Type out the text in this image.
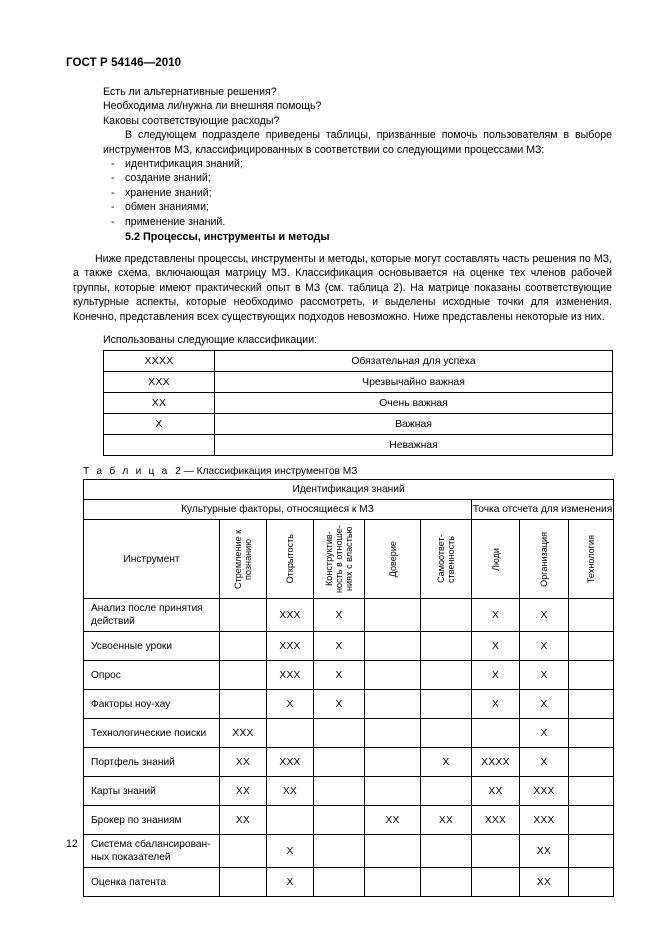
ГОСТ Р 54146—2010

Есть ли альтернативные решения?

Необходима ли/нужна ли внешняя помощь?

Каковы соответствующие расходы?

В следующем подразделе приведены таблицы, призванные помочь пользователям в выборе инструментов МЗ, классифицированных в соответствии со следующими процессами МЗ:

- идентификация знаний;
- создание знаний;
- хранение знаний;
- обмен знаниями;
- применение знаний.
5.2 Процессы, инструменты и методы

Ниже представлены процессы, инструменты и методы, которые могут составлять часть решения по МЗ, а также схема, включающая матрицу МЗ. Классификация основывается на оценке тех членов рабочей группы, которые имеют практический опыт в МЗ (см. таблица 2). На матрице показаны соответствующие культурные аспекты, которые необходимо рассмотреть, и выделены исходные точки для изменения. Конечно, представления всех существующих подходов невозможно. Ниже представлены некоторые из них.

Использованы следующие классификации:
XXXX	Обязательная для успеха
XXX	Чрезвычайно важная
XX	Очень важная
X	Важная
	Неважная
Т а б л и ц а 2 — Классификация инструментов МЗ
Идентификация знаний								
Культурные факторы, относящиеся к МЗ						Точка отсчета для изменения		
Инструмент	Стремление к познанию	Открытость	Конструктив- ность в отноше- ниях с властью	Доверие	Самоответ- ственность	Люди	Организация	Технология

Анализ после принятия действий		XXX	X			X	X	
Усвоенные уроки		XXX	X			X	X	
Опрос		XXX	X			X	X	
Факторы ноу-хау		X	X			X	X	
Технологические поиски	XXX						X	
Портфель знаний	XX	XXX			X	XXXX	X	
Карты знаний	XX	XX				XX	XXX	
Брокер по знаниям	XX			XX	XX	XXX	XXX	
Система сбалансирован-ных показателей		X					XX	
Оценка патента		X					XX	
12
